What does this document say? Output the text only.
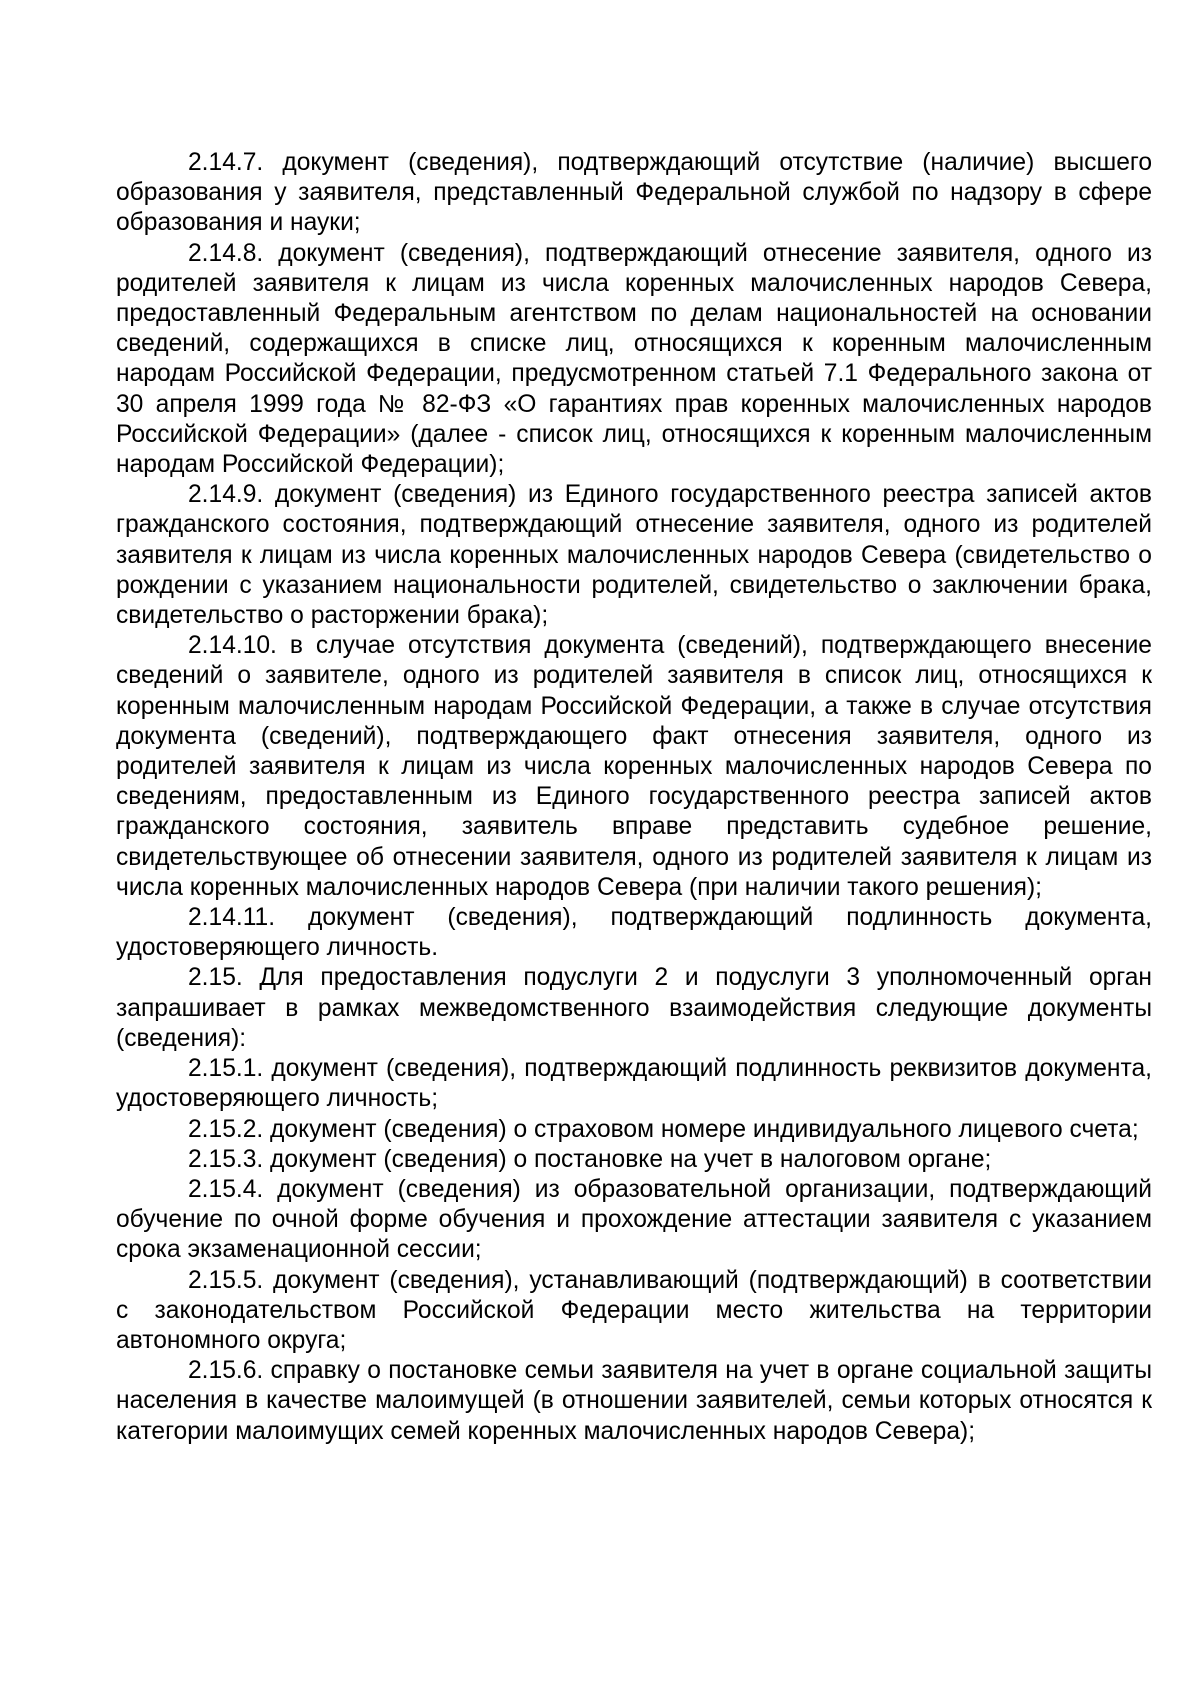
2.14.7. документ (сведения), подтверждающий отсутствие (наличие) высшего образования у заявителя, представленный Федеральной службой по надзору в сфере образования и науки;

2.14.8. документ (сведения), подтверждающий отнесение заявителя, одного из родителей заявителя к лицам из числа коренных малочисленных народов Севера, предоставленный Федеральным агентством по делам национальностей на основании сведений, содержащихся в списке лиц, относящихся к коренным малочисленным народам Российской Федерации, предусмотренном статьей 7.1 Федерального закона от 30 апреля 1999 года № 82-ФЗ «О гарантиях прав коренных малочисленных народов Российской Федерации» (далее - список лиц, относящихся к коренным малочисленным народам Российской Федерации);

2.14.9. документ (сведения) из Единого государственного реестра записей актов гражданского состояния, подтверждающий отнесение заявителя, одного из родителей заявителя к лицам из числа коренных малочисленных народов Севера (свидетельство о рождении с указанием национальности родителей, свидетельство о заключении брака, свидетельство о расторжении брака);

2.14.10. в случае отсутствия документа (сведений), подтверждающего внесение сведений о заявителе, одного из родителей заявителя в список лиц, относящихся к коренным малочисленным народам Российской Федерации, а также в случае отсутствия документа (сведений), подтверждающего факт отнесения заявителя, одного из родителей заявителя к лицам из числа коренных малочисленных народов Севера по сведениям, предоставленным из Единого государственного реестра записей актов гражданского состояния, заявитель вправе представить судебное решение, свидетельствующее об отнесении заявителя, одного из родителей заявителя к лицам из числа коренных малочисленных народов Севера (при наличии такого решения);

2.14.11. документ (сведения), подтверждающий подлинность документа, удостоверяющего личность.

2.15. Для предоставления подуслуги 2 и подуслуги 3 уполномоченный орган запрашивает в рамках межведомственного взаимодействия следующие документы (сведения):

2.15.1. документ (сведения), подтверждающий подлинность реквизитов документа, удостоверяющего личность;

2.15.2. документ (сведения) о страховом номере индивидуального лицевого счета;

2.15.3. документ (сведения) о постановке на учет в налоговом органе;

2.15.4. документ (сведения) из образовательной организации, подтверждающий обучение по очной форме обучения и прохождение аттестации заявителя с указанием срока экзаменационной сессии;

2.15.5. документ (сведения), устанавливающий (подтверждающий) в соответствии с законодательством Российской Федерации место жительства на территории автономного округа;

2.15.6. справку о постановке семьи заявителя на учет в органе социальной защиты населения в качестве малоимущей (в отношении заявителей, семьи которых относятся к категории малоимущих семей коренных малочисленных народов Севера);
